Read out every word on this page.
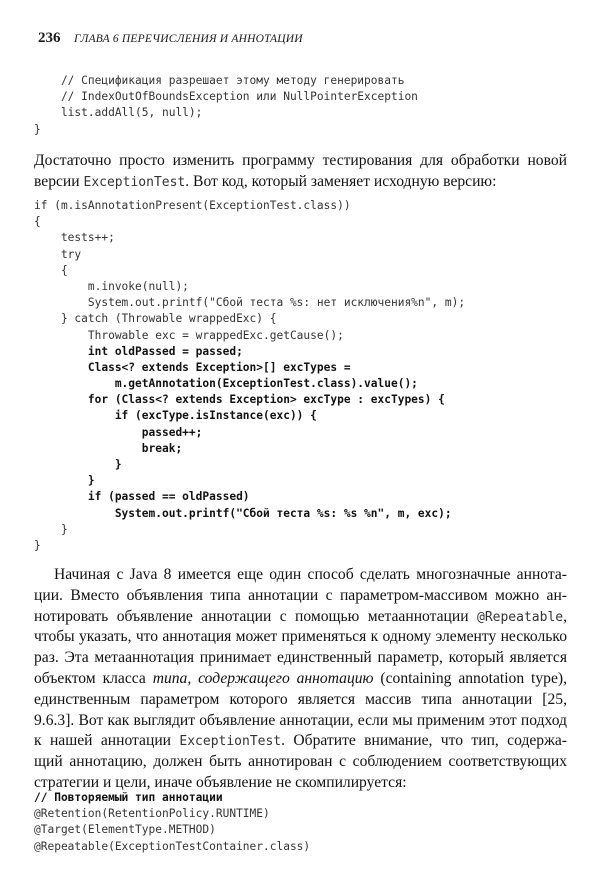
236 ГЛАВА 6 ПЕРЕЧИСЛЕНИЯ И АННОТАЦИИ
// Спецификация разрешает этому методу генерировать
// IndexOutOfBoundsException или NullPointerException
list.addAll(5, null);
}
Достаточно просто изменить программу тестирования для обработки новой
версии ExceptionTest. Вот код, который заменяет исходную версию:
if (m.isAnnotationPresent(ExceptionTest.class))
{
tests++;
try
{
m.invoke(null);
System.out.printf("Сбой теста %s: нет исключения%n", m);
} catch (Throwable wrappedExc) {
Throwable exc = wrappedExc.getCause();
int oldPassed = passed;
Class<? extends Exception>[] excTypes =
m.getAnnotation(ExceptionTest.class).value();
for (Class<? extends Exception> excType : excTypes) {
if (excType.isInstance(exc)) {
passed++;
break;
}
}
if (passed == oldPassed)
System.out.printf("Сбой теста %s: %s %n", m, exc);
}
}
Начиная с Java 8 имеется еще один способ сделать многозначные аннота-
ции. Вместо объявления типа аннотации с параметром-массивом можно ан-
нотировать объявление аннотации с помощью метааннотации @Repeatable,
чтобы указать, что аннотация может применяться к одному элементу несколько
раз. Эта метааннотация принимает единственный параметр, который является
объектом класса типа, содержащего аннотацию (containing annotation type),
единственным параметром которого является массив типа аннотации [25,
9.6.3]. Вот как выглядит объявление аннотации, если мы применим этот подход
к нашей аннотации ExceptionTest. Обратите внимание, что тип, содержа-
щий аннотацию, должен быть аннотирован с соблюдением соответствующих
стратегии и цели, иначе объявление не скомпилируется:
// Повторяемый тип аннотации
@Retention(RetentionPolicy.RUNTIME)
@Target(ElementType.METHOD)
@Repeatable(ExceptionTestContainer.class)
